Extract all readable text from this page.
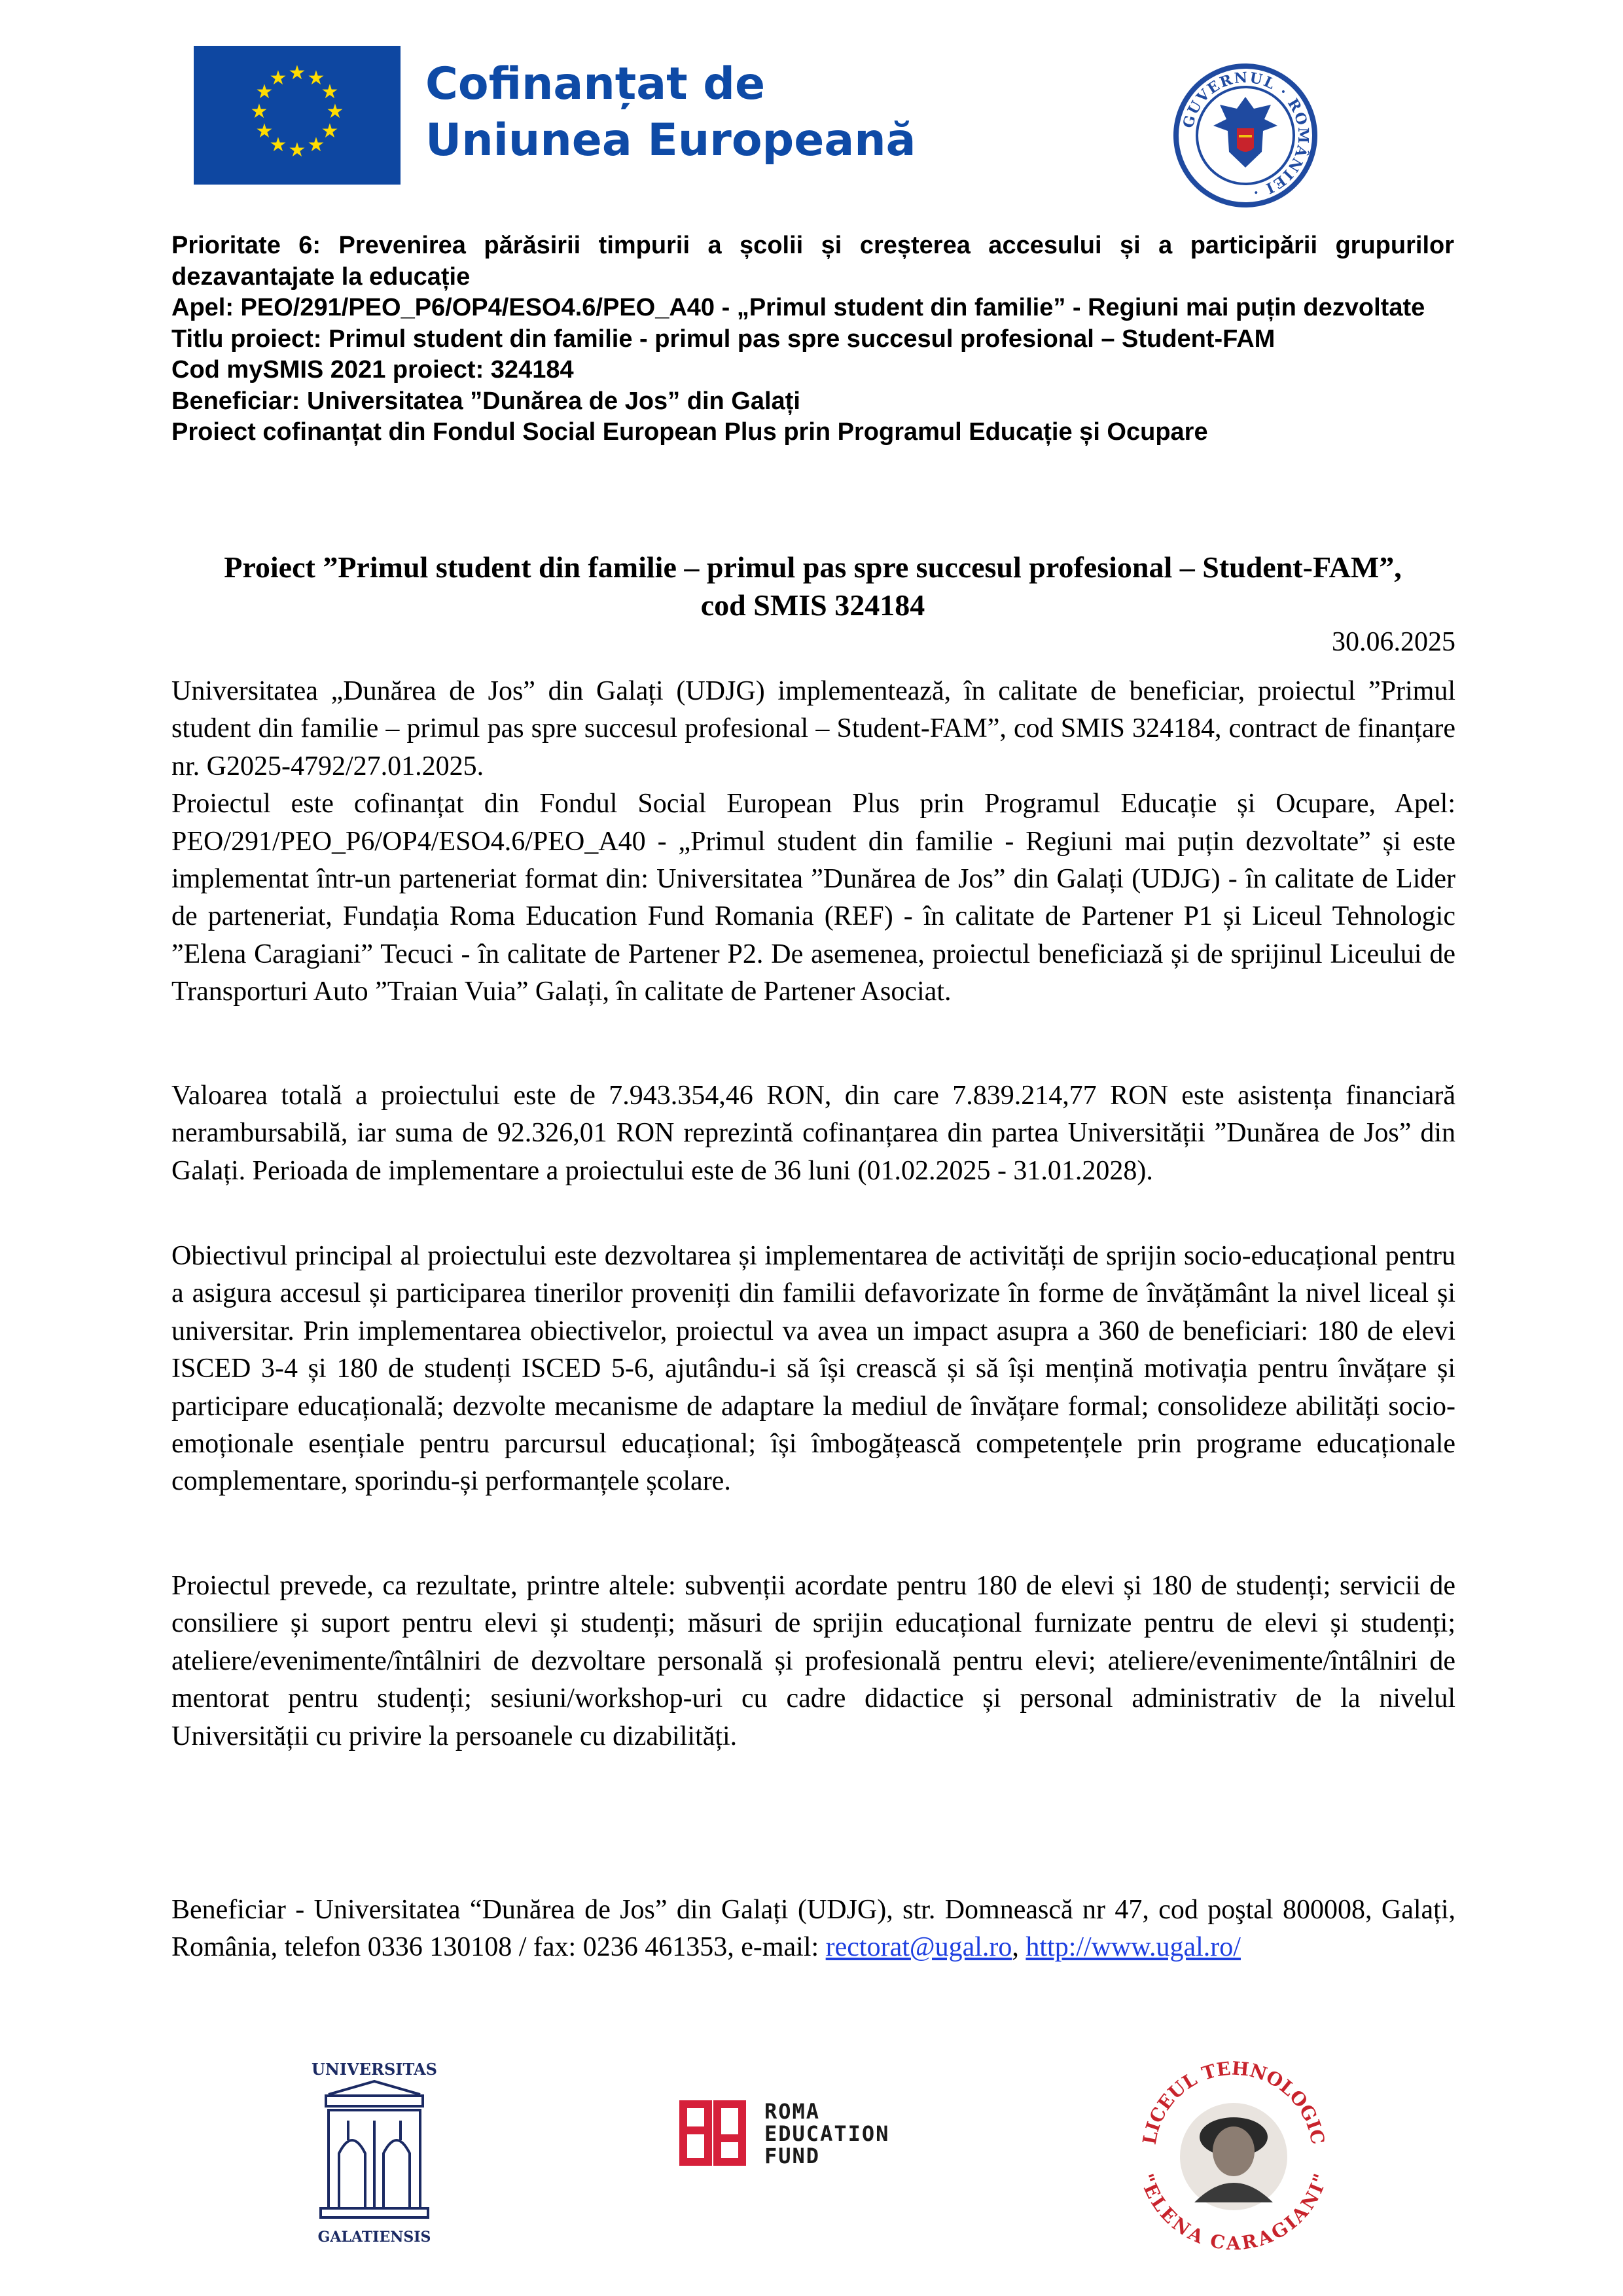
★ ★
★
★
★
★
★
★
★
★
★
★	Cofinanțat de
Uniunea Europeană	GUVERNUL · ROMÂNIEI ·

Prioritate 6: Prevenirea părăsirii timpurii a școlii și creșterea accesului și a participării grupurilor dezavantajate la educație

Apel: PEO/291/PEO_P6/OP4/ESO4.6/PEO_A40 - „Primul student din familie” - Regiuni mai puțin dezvoltate

Titlu proiect: Primul student din familie - primul pas spre succesul profesional – Student-FAM

Cod mySMIS 2021 proiect: 324184

Beneficiar: Universitatea ”Dunărea de Jos” din Galați

Proiect cofinanțat din Fondul Social European Plus prin Programul Educație și Ocupare

Proiect ”Primul student din familie – primul pas spre succesul profesional – Student-FAM”,

cod SMIS 324184

30.06.2025

Universitatea „Dunărea de Jos” din Galați (UDJG) implementează, în calitate de beneficiar, proiectul ”Primul student din familie – primul pas spre succesul profesional – Student-FAM”, cod SMIS 324184, contract de finanțare nr. G2025-4792/27.01.2025.
Proiectul este cofinanțat din Fondul Social European Plus prin Programul Educație și Ocupare, Apel: PEO/291/PEO_P6/OP4/ESO4.6/PEO_A40 - „Primul student din familie - Regiuni mai puțin dezvoltate” și este implementat într-un parteneriat format din: Universitatea ”Dunărea de Jos” din Galați (UDJG) - în calitate de Lider de parteneriat, Fundația Roma Education Fund Romania (REF) - în calitate de Partener P1 și Liceul Tehnologic ”Elena Caragiani” Tecuci - în calitate de Partener P2. De asemenea, proiectul beneficiază și de sprijinul Liceului de Transporturi Auto ”Traian Vuia” Galați, în calitate de Partener Asociat.

Valoarea totală a proiectului este de 7.943.354,46 RON, din care 7.839.214,77 RON este asistența financiară nerambursabilă, iar suma de 92.326,01 RON reprezintă cofinanțarea din partea Universității ”Dunărea de Jos” din Galați. Perioada de implementare a proiectului este de 36 luni (01.02.2025 - 31.01.2028).

Obiectivul principal al proiectului este dezvoltarea și implementarea de activități de sprijin socio-educațional pentru a asigura accesul și participarea tinerilor proveniți din familii defavorizate în forme de învățământ la nivel liceal și universitar. Prin implementarea obiectivelor, proiectul va avea un impact asupra a 360 de beneficiari: 180 de elevi ISCED 3-4 și 180 de studenți ISCED 5-6, ajutându-i să își crească și să își mențină motivația pentru învățare și participare educațională; dezvolte mecanisme de adaptare la mediul de învățare formal; consolideze abilități socio-emoționale esențiale pentru parcursul educațional; își îmbogățească competențele prin programe educaționale complementare, sporindu-și performanțele școlare.

Proiectul prevede, ca rezultate, printre altele: subvenții acordate pentru 180 de elevi și 180 de studenți; servicii de consiliere și suport pentru elevi și studenți; măsuri de sprijin educațional furnizate pentru de elevi și studenți; ateliere/evenimente/întâlniri de dezvoltare personală și profesională pentru elevi; ateliere/evenimente/întâlniri de mentorat pentru studenți; sesiuni/workshop-uri cu cadre didactice și personal administrativ de la nivelul Universității cu privire la persoanele cu dizabilități.

Beneficiar - Universitatea “Dunărea de Jos” din Galați (UDJG), str. Domnească nr 47, cod poştal 800008, Galați, România, telefon 0336 130108 / fax: 0236 461353, e-mail: rectorat@ugal.ro, http://www.ugal.ro/

UNIVERSITAS
GALATIENSIS
ROMA
EDUCATION
FUND
LICEUL TEHNOLOGIC
"ELENA CARAGIANI"
